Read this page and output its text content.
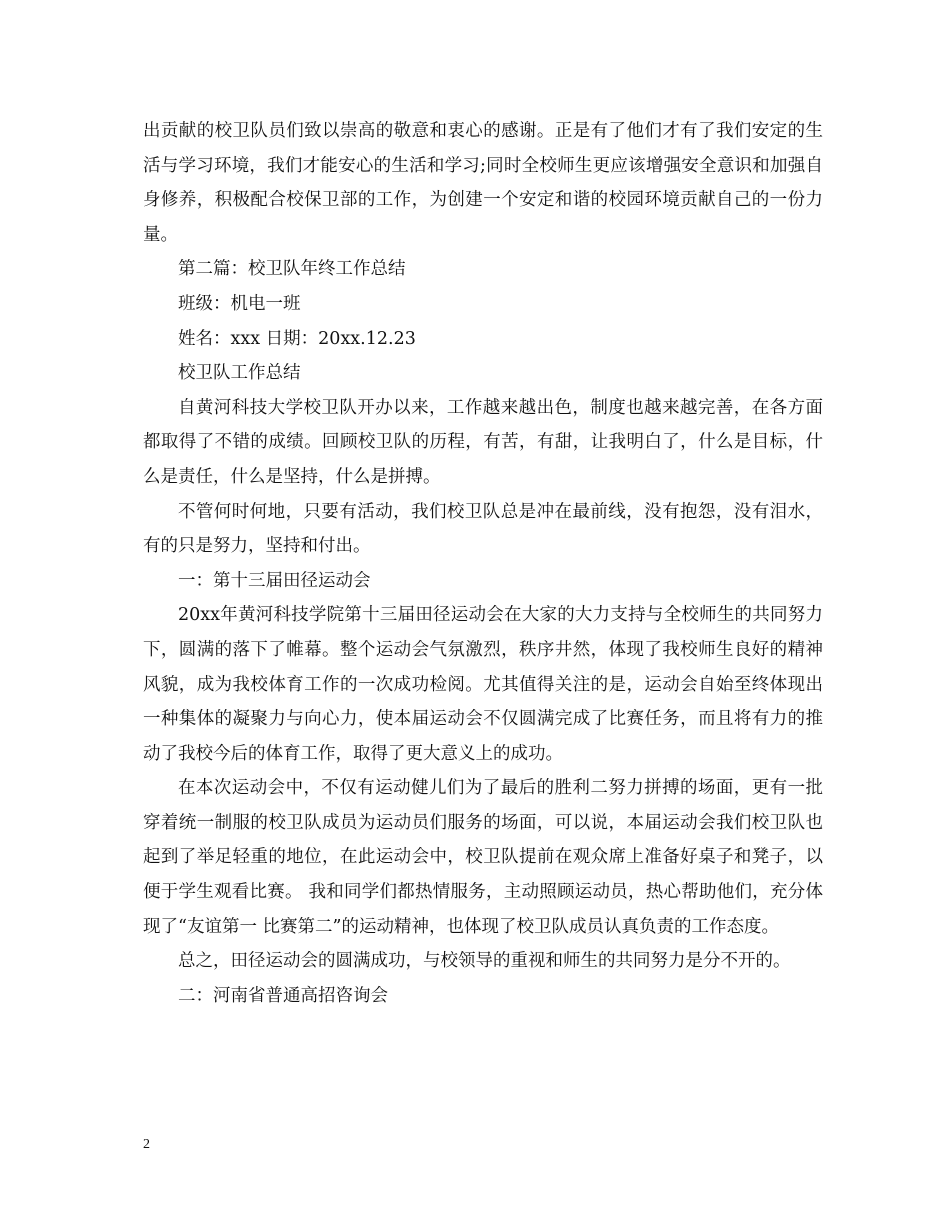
出贡献的校卫队员们致以崇高的敬意和衷心的感谢。正是有了他们才有了我们安定的生活与学习环境，我们才能安心的生活和学习;同时全校师生更应该增强安全意识和加强自身修养，积极配合校保卫部的工作，为创建一个安定和谐的校园环境贡献自己的一份力量。

第二篇：校卫队年终工作总结

班级：机电一班

姓名：xxx 日期：20xx.12.23

校卫队工作总结

自黄河科技大学校卫队开办以来，工作越来越出色，制度也越来越完善，在各方面都取得了不错的成绩。回顾校卫队的历程，有苦，有甜，让我明白了，什么是目标，什么是责任，什么是坚持，什么是拼搏。

不管何时何地，只要有活动，我们校卫队总是冲在最前线，没有抱怨，没有泪水，有的只是努力，坚持和付出。

一：第十三届田径运动会

20xx年黄河科技学院第十三届田径运动会在大家的大力支持与全校师生的共同努力下，圆满的落下了帷幕。整个运动会气氛激烈，秩序井然，体现了我校师生良好的精神风貌，成为我校体育工作的一次成功检阅。尤其值得关注的是，运动会自始至终体现出一种集体的凝聚力与向心力，使本届运动会不仅圆满完成了比赛任务，而且将有力的推动了我校今后的体育工作，取得了更大意义上的成功。

在本次运动会中，不仅有运动健儿们为了最后的胜利二努力拼搏的场面，更有一批穿着统一制服的校卫队成员为运动员们服务的场面，可以说，本届运动会我们校卫队也起到了举足轻重的地位，在此运动会中，校卫队提前在观众席上准备好桌子和凳子，以便于学生观看比赛。 我和同学们都热情服务，主动照顾运动员，热心帮助他们，充分体现了“友谊第一 比赛第二”的运动精神，也体现了校卫队成员认真负责的工作态度。

总之，田径运动会的圆满成功，与校领导的重视和师生的共同努力是分不开的。

二：河南省普通高招咨询会

2
